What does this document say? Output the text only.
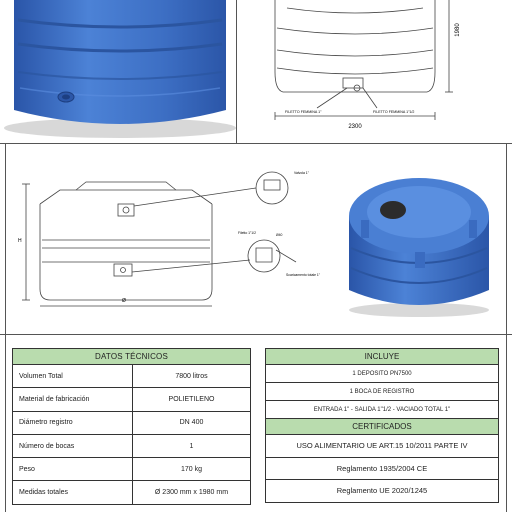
1980
2300
FILETTO FEMMINA 1"	FILETTO FEMMINA 1"1/2
H
Ø
Valvola 1"
Filetto 1"1/2	Ø40
Scaricamento totale 1"
DATOS TÉCNICOS	
Volumen Total	7800 litros
Material de fabricación	POLIETILENO
Diámetro registro	DN 400
Número de bocas	1
Peso	170 kg
Medidas totales	Ø 2300 mm x 1980 mm
INCLUYE
1 DEPOSITO PN7500
1 BOCA DE REGISTRO
ENTRADA 1" - SALIDA 1"1/2 - VACIADO TOTAL 1"
CERTIFICADOS
USO ALIMENTARIO UE ART.15 10/2011 PARTE IV
Reglamento 1935/2004 CE
Reglamento UE 2020/1245
